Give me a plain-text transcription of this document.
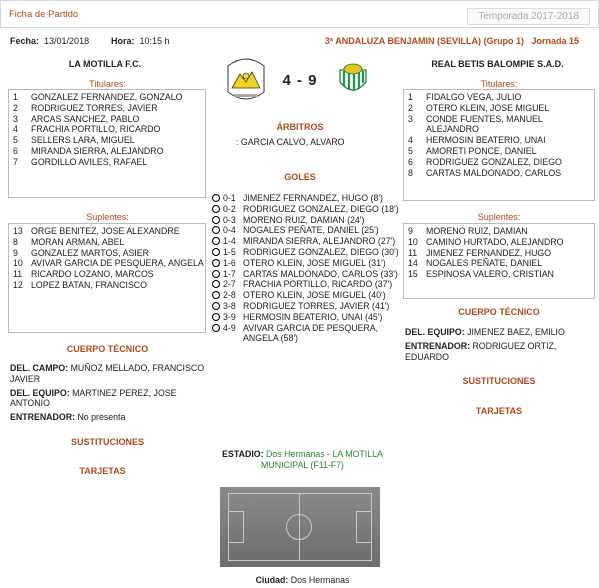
Ficha de Partido	Temporada 2017-2018
Fecha: 13/01/2018 Hora: 10:15 h	3ª ANDALUZA BENJAMIN (SEVILLA) (Grupo 1) Jornada 15
LA MOTILLA F.C.	REAL BETIS BALOMPIE S.A.D.
4 - 9
Titulares:
1	GONZALEZ FERNANDEZ, GONZALO
2	RODRIGUEZ TORRES, JAVIER
3	ARCAS SANCHEZ, PABLO
4	FRACHIA PORTILLO, RICARDO
5	SELLERS LARA, MIGUEL
6	MIRANDA SIERRA, ALEJANDRO
7	GORDILLO AVILES, RAFAEL
Suplentes:
13 ORGE BENITEZ, JOSE ALEXANDRE
8	MORAN ARMAN, ABEL
9	GONZALEZ MARTOS, ASIER
10 AVIVAR GARCIA DE PESQUERA, ANGELA
11	RICARDO LOZANO, MARCOS
12 LOPEZ BATAN, FRANCISCO
CUERPO TÉCNICO
DEL. CAMPO: MUÑOZ MELLADO, FRANCISCO JAVIER
DEL. EQUIPO: MARTINEZ PEREZ, JOSE ANTONIO
ENTRENADOR: No presenta
SUSTITUCIONES
TARJETAS
ÁRBITROS
: GARCIA CALVO, ALVARO
GOLES
0-1 JIMENEZ FERNANDEZ, HUGO (8')
0-2 RODRIGUEZ GONZALEZ, DIEGO (18')
0-3 MORENO RUIZ, DAMIAN (24')
0-4 NOGALES PEÑATE, DANIEL (25')
1-4 MIRANDA SIERRA, ALEJANDRO (27')
1-5 RODRIGUEZ GONZALEZ, DIEGO (30')
1-6 OTERO KLEIN, JOSE MIGUEL (31')
1-7 CARTAS MALDONADO, CARLOS (33')
2-7 FRACHIA PORTILLO, RICARDO (37')
2-8 OTERO KLEIN, JOSE MIGUEL (40')
3-8 RODRIGUEZ TORRES, JAVIER (41')
3-9 HERMOSIN BEATERIO, UNAI (45')
4-9 AVIVAR GARCIA DE PESQUERA, ANGELA (58')
ESTADIO: Dos Hermanas - LA MOTILLA MUNICIPAL (F11-F7)
Ciudad: Dos Hermanas
Titulares:
1	FIDALGO VEGA, JULIO
2	OTERO KLEIN, JOSE MIGUEL
3	CONDE FUENTES, MANUEL ALEJANDRO
4	HERMOSIN BEATERIO, UNAI
5	AMORETI PONCE, DANIEL
6	RODRIGUEZ GONZALEZ, DIEGO
8	CARTAS MALDONADO, CARLOS
Suplentes:
9	MORENO RUIZ, DAMIAN
10 CAMINO HURTADO, ALEJANDRO
11	JIMENEZ FERNANDEZ, HUGO
14 NOGALES PEÑATE, DANIEL
15 ESPINOSA VALERO, CRISTIAN
CUERPO TÉCNICO
DEL. EQUIPO: JIMENEZ BAEZ, EMILIO
ENTRENADOR: RODRIGUEZ ORTIZ, EDUARDO
SUSTITUCIONES
TARJETAS
